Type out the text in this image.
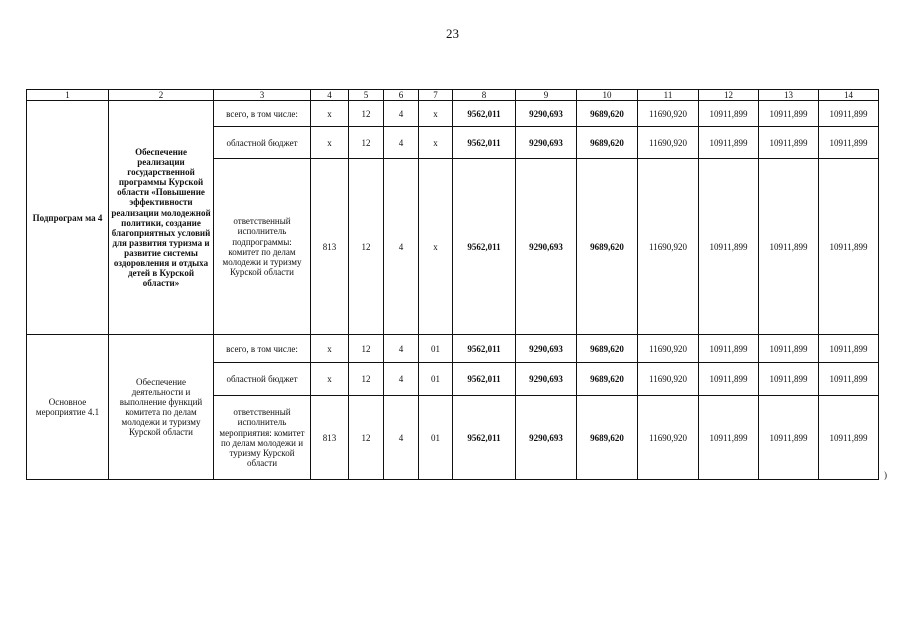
23
1	2	3	4	5	6	7	8	9	10	11	12	13	14
Подпрограм ма 4	Обеспечение реализации государственной программы Курской области «Повышение эффективности реализации молодежной политики, создание благоприятных условий для развития туризма и развитие системы оздоровления и отдыха детей в Курской области»	всего, в том числе:	x	12	4	x	9562,011	9290,693	9689,620	11690,920	10911,899	10911,899	10911,899
		областной бюджет	x	12	4	x	9562,011	9290,693	9689,620	11690,920	10911,899	10911,899	10911,899
		ответственный исполнитель подпрограммы: комитет по делам молодежи и туризму Курской области	813	12	4	x	9562,011	9290,693	9689,620	11690,920	10911,899	10911,899	10911,899
Основное мероприятие 4.1	Обеспечение деятельности и выполнение функций комитета по делам молодежи и туризму Курской области	всего, в том числе:	x	12	4	01	9562,011	9290,693	9689,620	11690,920	10911,899	10911,899	10911,899
		областной бюджет	x	12	4	01	9562,011	9290,693	9689,620	11690,920	10911,899	10911,899	10911,899
		ответственный исполнитель мероприятия: комитет по делам молодежи и туризму Курской области	813	12	4	01	9562,011	9290,693	9689,620	11690,920	10911,899	10911,899	10911,899
)
